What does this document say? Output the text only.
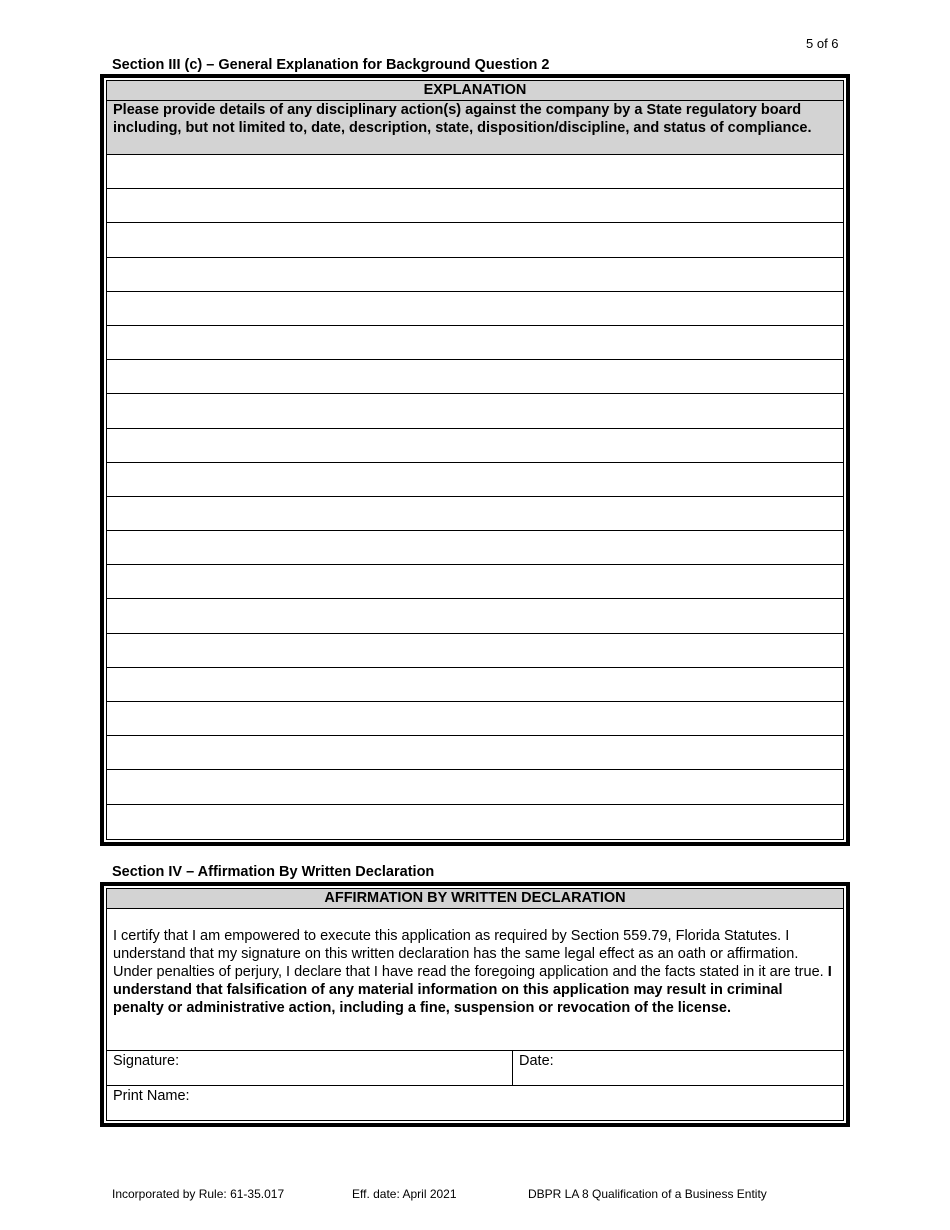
5 of 6
Section III (c) – General Explanation for Background Question 2
EXPLANATION
Please provide details of any disciplinary action(s) against the company by a State regulatory board including, but not limited to, date, description, state, disposition/discipline, and status of compliance.
Section IV – Affirmation By Written Declaration
AFFIRMATION BY WRITTEN DECLARATION
I certify that I am empowered to execute this application as required by Section 559.79, Florida Statutes. I understand that my signature on this written declaration has the same legal effect as an oath or affirmation. Under penalties of perjury, I declare that I have read the foregoing application and the facts stated in it are true. I understand that falsification of any material information on this application may result in criminal penalty or administrative action, including a fine, suspension or revocation of the license.
Signature:	Date:
Print Name:
Incorporated by Rule: 61-35.017	Eff. date: April 2021	DBPR LA 8 Qualification of a Business Entity
